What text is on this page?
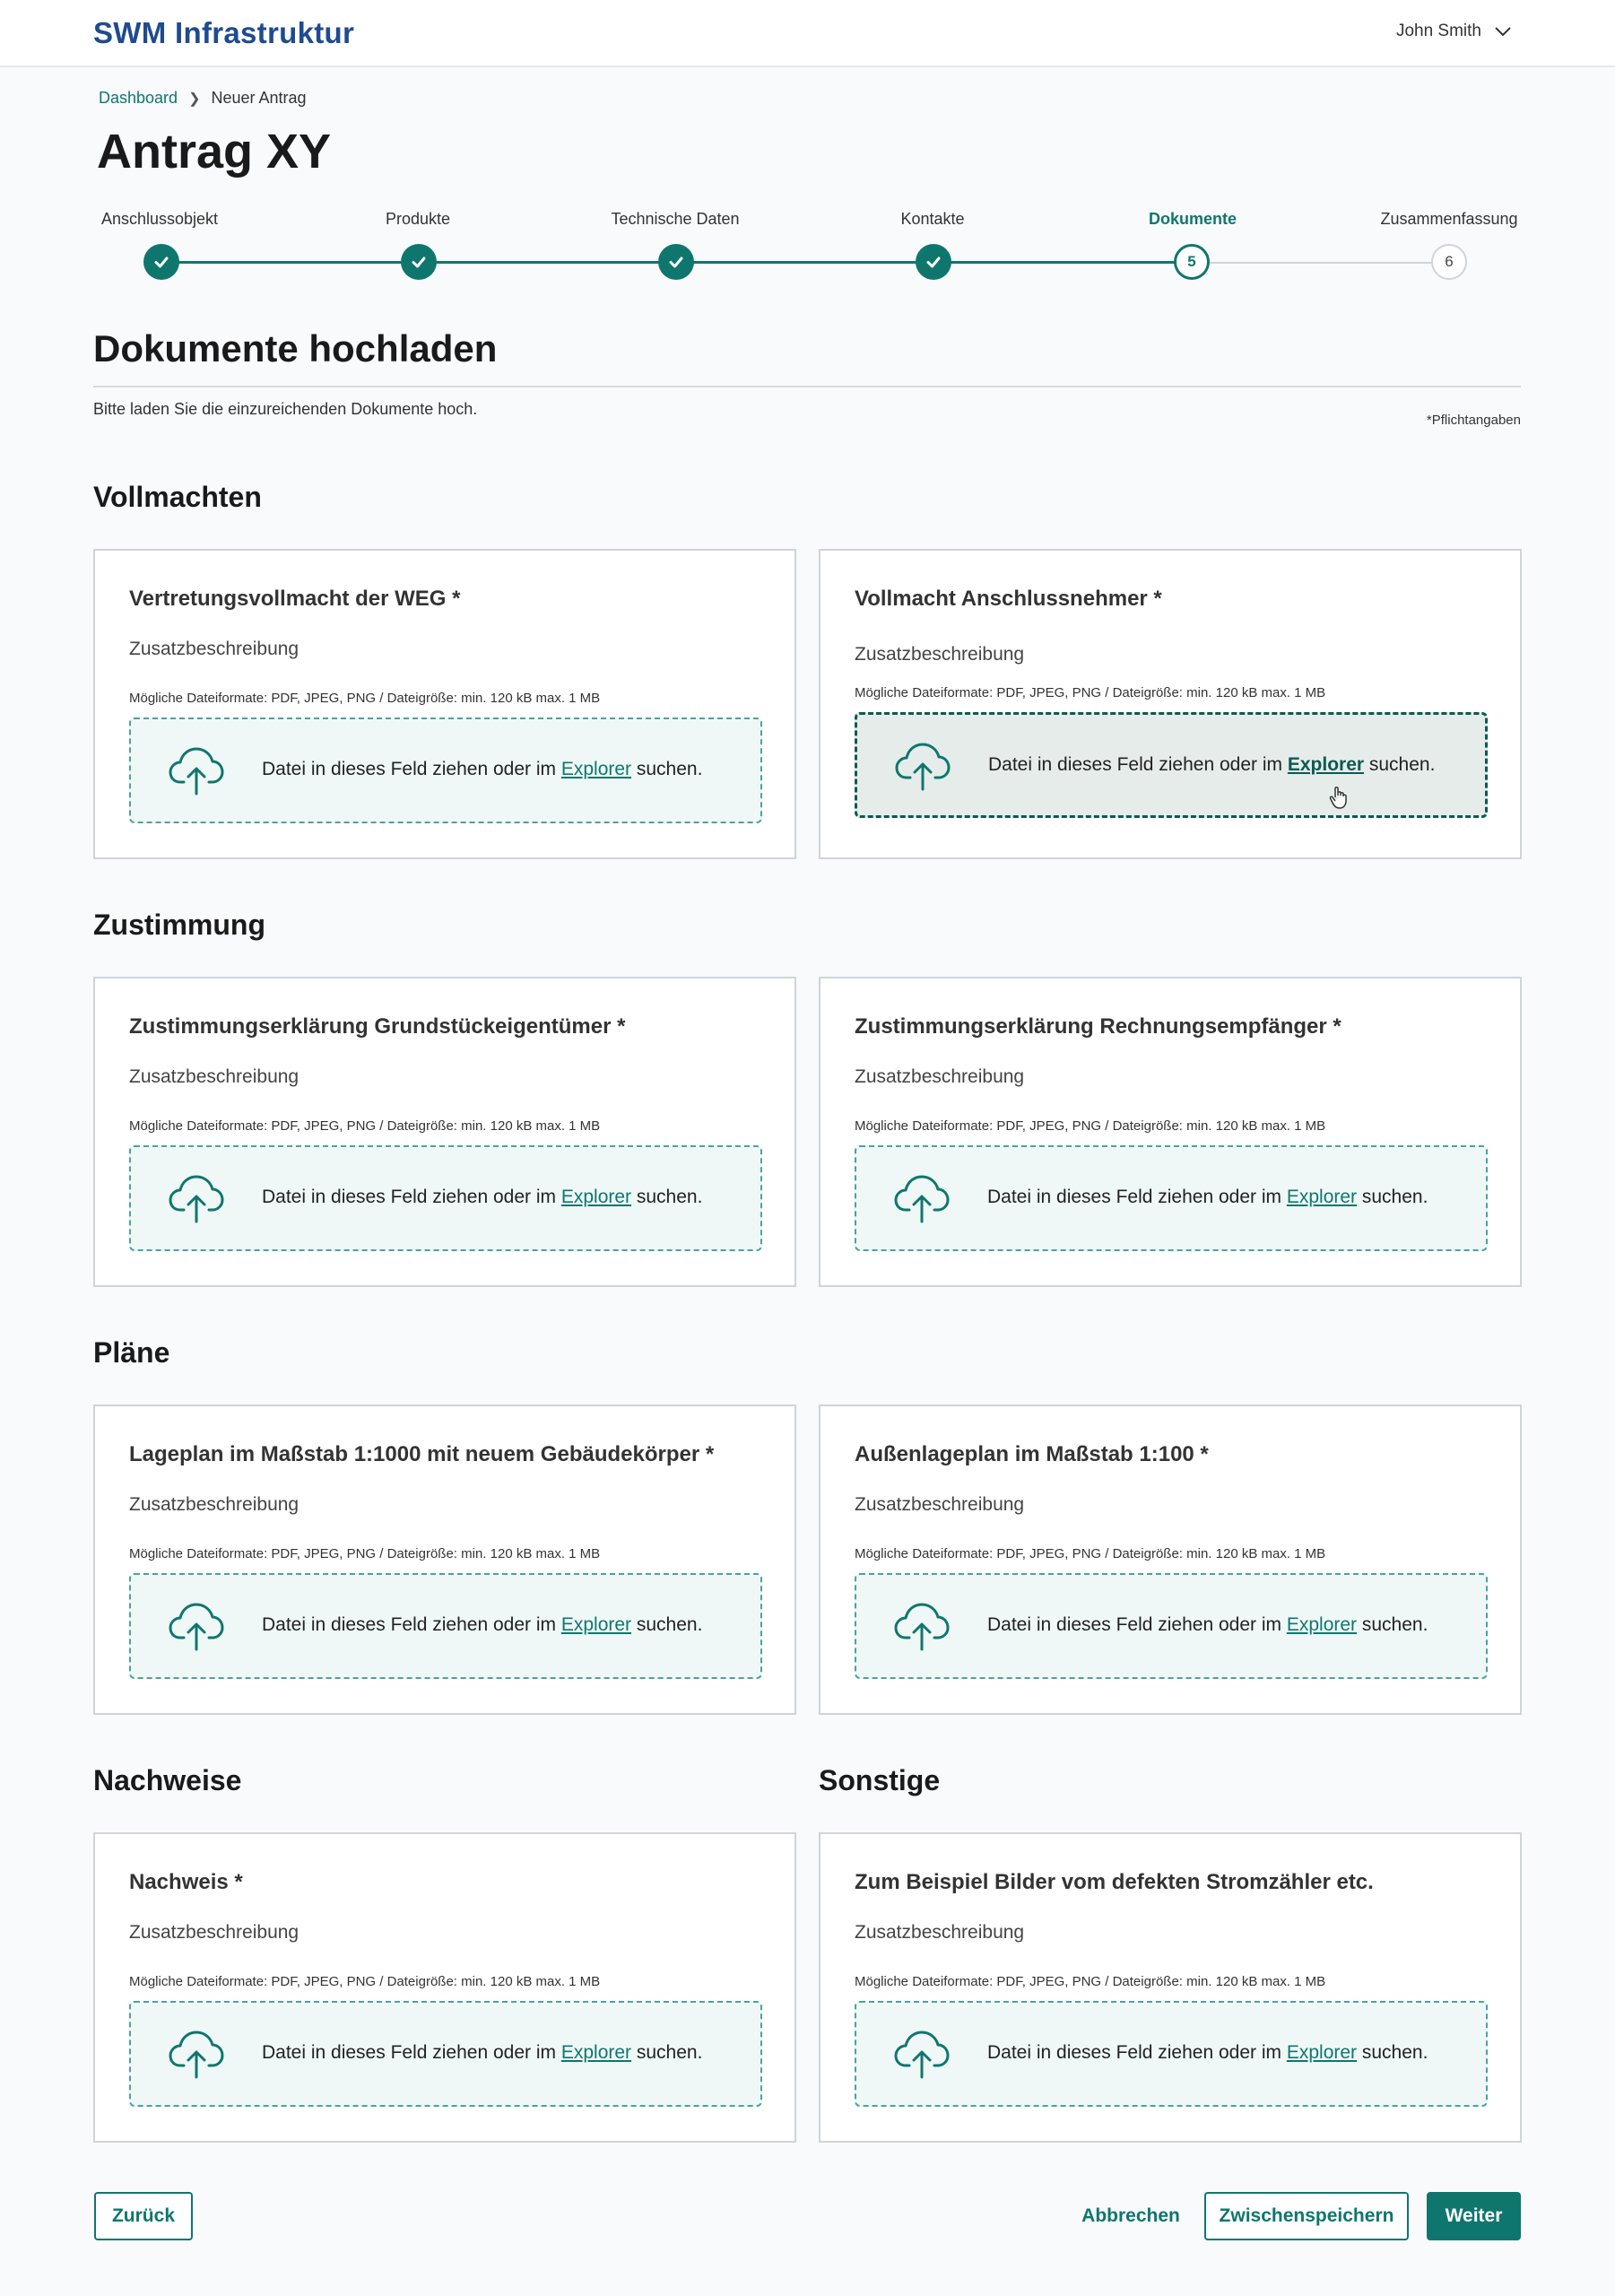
SWM Infrastruktur	John Smith
Dashboard ❯ Neuer Antrag
Antrag XY
Anschlussobjekt	Produkte	Technische Daten	Kontakte	Dokumente	Zusammenfassung
5	6
Dokumente hochladen

Bitte laden Sie die einzureichenden Dokumente hoch.

*Pflichtangaben

Vollmachten
Zustimmung
Pläne
Nachweise	Sonstige
Vertretungsvollmacht der WEG *
Zusatzbeschreibung
Mögliche Dateiformate: PDF, JPEG, PNG / Dateigröße: min. 120 kB max. 1 MB
Datei in dieses Feld ziehen oder im Explorer suchen.
Vollmacht Anschlussnehmer *
Zusatzbeschreibung
Mögliche Dateiformate: PDF, JPEG, PNG / Dateigröße: min. 120 kB max. 1 MB
Datei in dieses Feld ziehen oder im Explorer suchen.
Zustimmungserklärung Grundstückeigentümer *
Zusatzbeschreibung
Mögliche Dateiformate: PDF, JPEG, PNG / Dateigröße: min. 120 kB max. 1 MB
Datei in dieses Feld ziehen oder im Explorer suchen.
Zustimmungserklärung Rechnungsempfänger *
Zusatzbeschreibung
Mögliche Dateiformate: PDF, JPEG, PNG / Dateigröße: min. 120 kB max. 1 MB
Datei in dieses Feld ziehen oder im Explorer suchen.
Lageplan im Maßstab 1:1000 mit neuem Gebäudekörper *
Zusatzbeschreibung
Mögliche Dateiformate: PDF, JPEG, PNG / Dateigröße: min. 120 kB max. 1 MB
Datei in dieses Feld ziehen oder im Explorer suchen.
Außenlageplan im Maßstab 1:100 *
Zusatzbeschreibung
Mögliche Dateiformate: PDF, JPEG, PNG / Dateigröße: min. 120 kB max. 1 MB
Datei in dieses Feld ziehen oder im Explorer suchen.
Nachweis *
Zusatzbeschreibung
Mögliche Dateiformate: PDF, JPEG, PNG / Dateigröße: min. 120 kB max. 1 MB
Datei in dieses Feld ziehen oder im Explorer suchen.
Zum Beispiel Bilder vom defekten Stromzähler etc.
Zusatzbeschreibung
Mögliche Dateiformate: PDF, JPEG, PNG / Dateigröße: min. 120 kB max. 1 MB
Datei in dieses Feld ziehen oder im Explorer suchen.
Zurück	Abbrechen	Zwischenspeichern	Weiter
